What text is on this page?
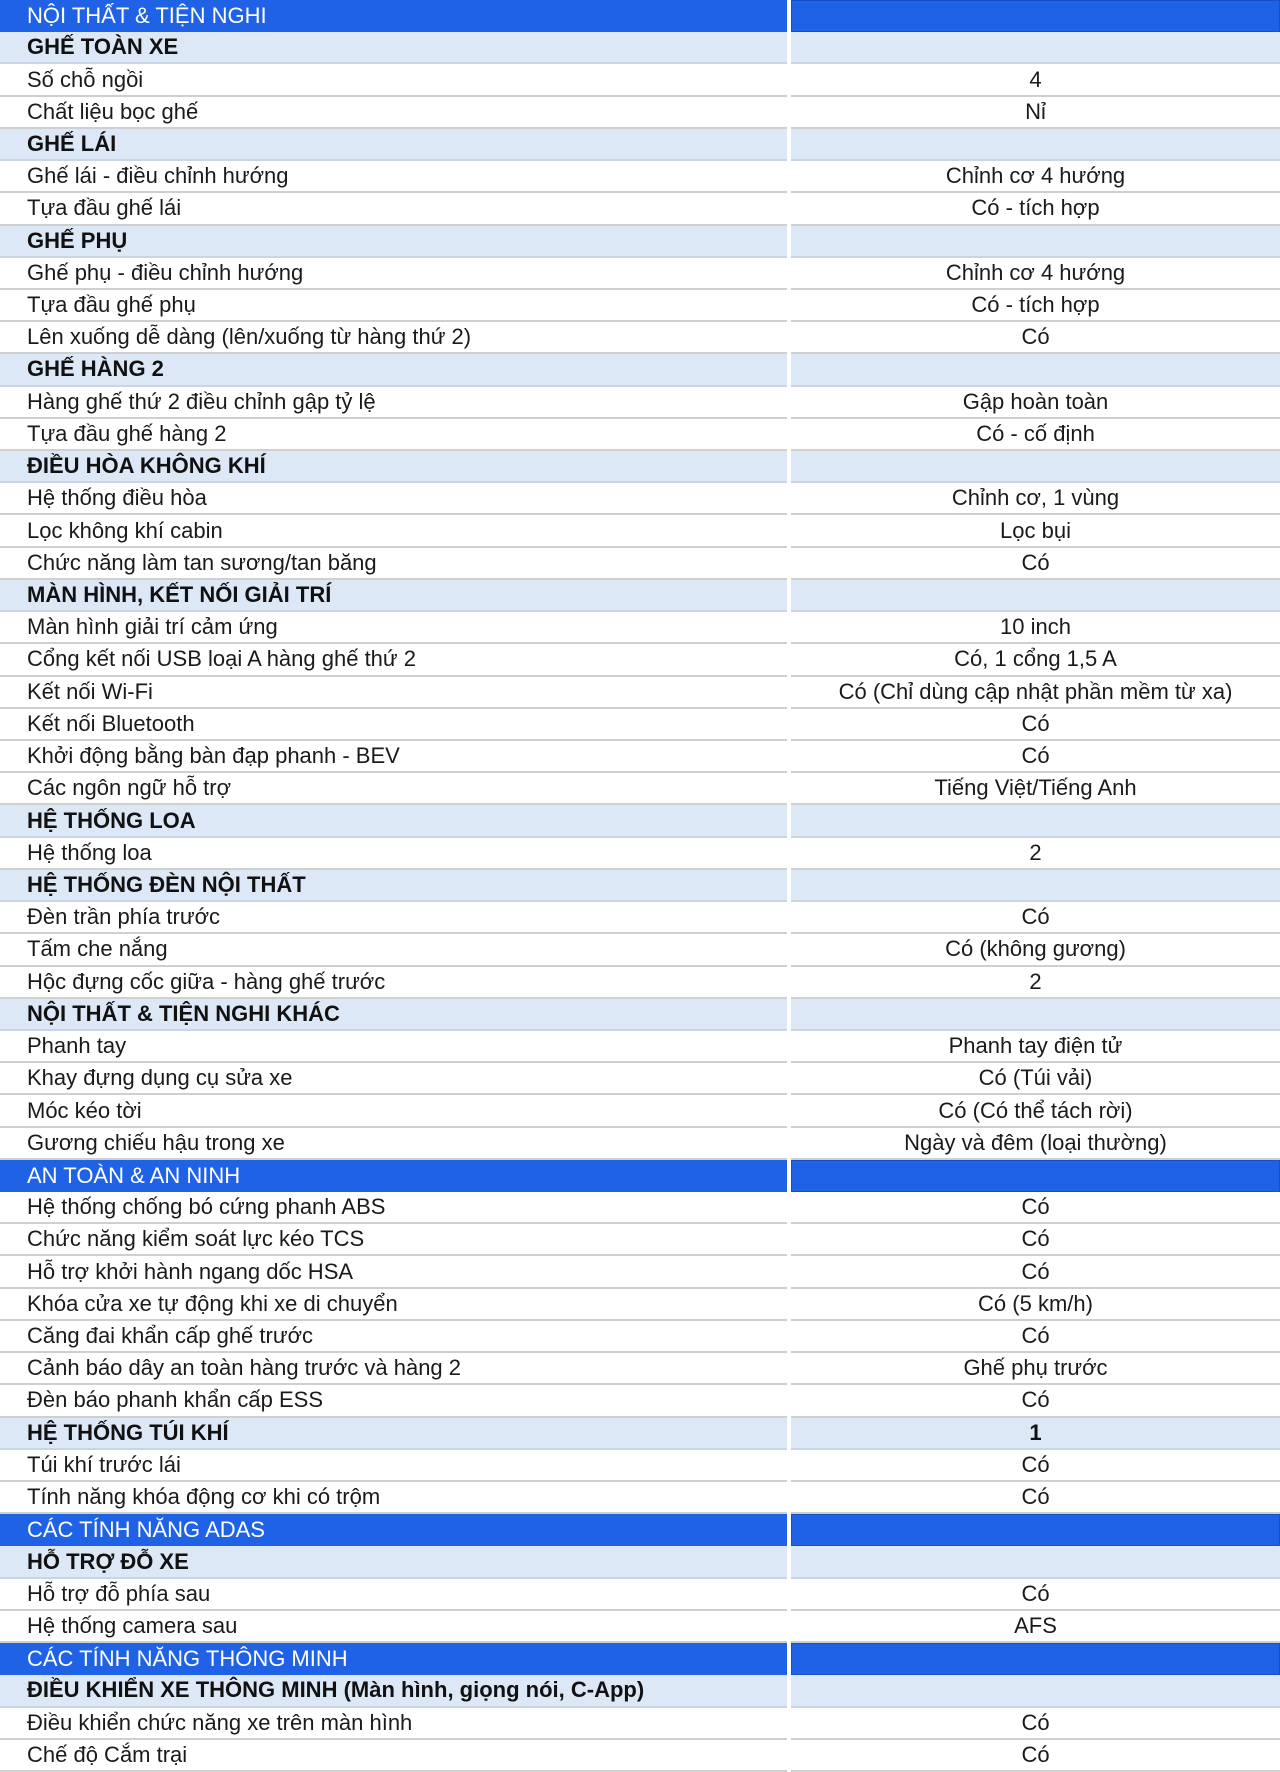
NỘI THẤT & TIỆN NGHI
GHẾ TOÀN XE
Số chỗ ngồi	4
Chất liệu bọc ghế	Nỉ
GHẾ LÁI
Ghế lái - điều chỉnh hướng	Chỉnh cơ 4 hướng
Tựa đầu ghế lái	Có - tích hợp
GHẾ PHỤ
Ghế phụ - điều chỉnh hướng	Chỉnh cơ 4 hướng
Tựa đầu ghế phụ	Có - tích hợp
Lên xuống dễ dàng (lên/xuống từ hàng thứ 2)	Có
GHẾ HÀNG 2
Hàng ghế thứ 2 điều chỉnh gập tỷ lệ	Gập hoàn toàn
Tựa đầu ghế hàng 2	Có - cố định
ĐIỀU HÒA KHÔNG KHÍ
Hệ thống điều hòa	Chỉnh cơ, 1 vùng
Lọc không khí cabin	Lọc bụi
Chức năng làm tan sương/tan băng	Có
MÀN HÌNH, KẾT NỐI GIẢI TRÍ
Màn hình giải trí cảm ứng	10 inch
Cổng kết nối USB loại A hàng ghế thứ 2	Có, 1 cổng 1,5 A
Kết nối Wi-Fi	Có (Chỉ dùng cập nhật phần mềm từ xa)
Kết nối Bluetooth	Có
Khởi động bằng bàn đạp phanh - BEV	Có
Các ngôn ngữ hỗ trợ	Tiếng Việt/Tiếng Anh
HỆ THỐNG LOA
Hệ thống loa	2
HỆ THỐNG ĐÈN NỘI THẤT
Đèn trần phía trước	Có
Tấm che nắng	Có (không gương)
Hộc đựng cốc giữa - hàng ghế trước	2
NỘI THẤT & TIỆN NGHI KHÁC
Phanh tay	Phanh tay điện tử
Khay đựng dụng cụ sửa xe	Có (Túi vải)
Móc kéo tời	Có (Có thể tách rời)
Gương chiếu hậu trong xe	Ngày và đêm (loại thường)
AN TOÀN & AN NINH
Hệ thống chống bó cứng phanh ABS	Có
Chức năng kiểm soát lực kéo TCS	Có
Hỗ trợ khởi hành ngang dốc HSA	Có
Khóa cửa xe tự động khi xe di chuyển	Có (5 km/h)
Căng đai khẩn cấp ghế trước	Có
Cảnh báo dây an toàn hàng trước và hàng 2	Ghế phụ trước
Đèn báo phanh khẩn cấp ESS	Có
HỆ THỐNG TÚI KHÍ	1
Túi khí trước lái	Có
Tính năng khóa động cơ khi có trộm	Có
CÁC TÍNH NĂNG ADAS
HỖ TRỢ ĐỖ XE
Hỗ trợ đỗ phía sau	Có
Hệ thống camera sau	AFS
CÁC TÍNH NĂNG THÔNG MINH
ĐIỀU KHIỂN XE THÔNG MINH (Màn hình, giọng nói, C-App)
Điều khiển chức năng xe trên màn hình	Có
Chế độ Cắm trại	Có
